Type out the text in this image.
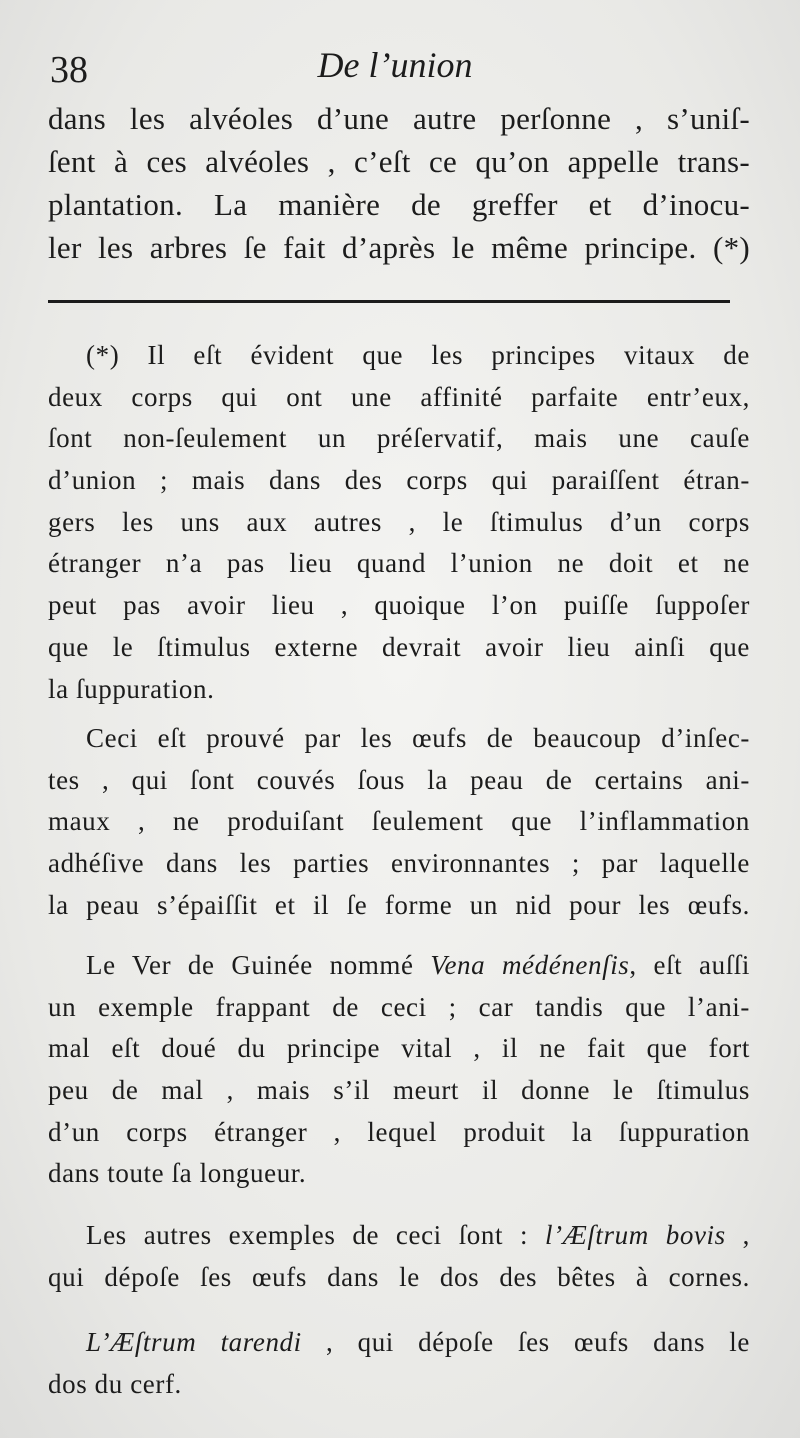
38	De l’union
dans les alvéoles d’une autre perſonne , s’uniſ-
ſent à ces alvéoles , c’eſt ce qu’on appelle trans-
plantation. La manière de greffer et d’inocu-
ler les arbres ſe fait d’après le même principe. (*)
(*) Il eſt évident que les principes vitaux de
deux corps qui ont une affinité parfaite entr’eux,
ſont non-ſeulement un préſervatif, mais une cauſe
d’union ; mais dans des corps qui paraiſſent étran-
gers les uns aux autres , le ſtimulus d’un corps
étranger n’a pas lieu quand l’union ne doit et ne
peut pas avoir lieu , quoique l’on puiſſe ſuppoſer
que le ſtimulus externe devrait avoir lieu ainſi que
la ſuppuration.
Ceci eſt prouvé par les œufs de beaucoup d’inſec-
tes , qui ſont couvés ſous la peau de certains ani-
maux , ne produiſant ſeulement que l’inflammation
adhéſive dans les parties environnantes ; par laquelle
la peau s’épaiſſit et il ſe forme un nid pour les œufs.
Le Ver de Guinée nommé Vena médénenſis, eſt auſſi
un exemple frappant de ceci ; car tandis que l’ani-
mal eſt doué du principe vital , il ne fait que fort
peu de mal , mais s’il meurt il donne le ſtimulus
d’un corps étranger , lequel produit la ſuppuration
dans toute ſa longueur.
Les autres exemples de ceci ſont : l’Æſtrum bovis ,
qui dépoſe ſes œufs dans le dos des bêtes à cornes.
L’Æſtrum tarendi , qui dépoſe ſes œufs dans le
dos du cerf.
